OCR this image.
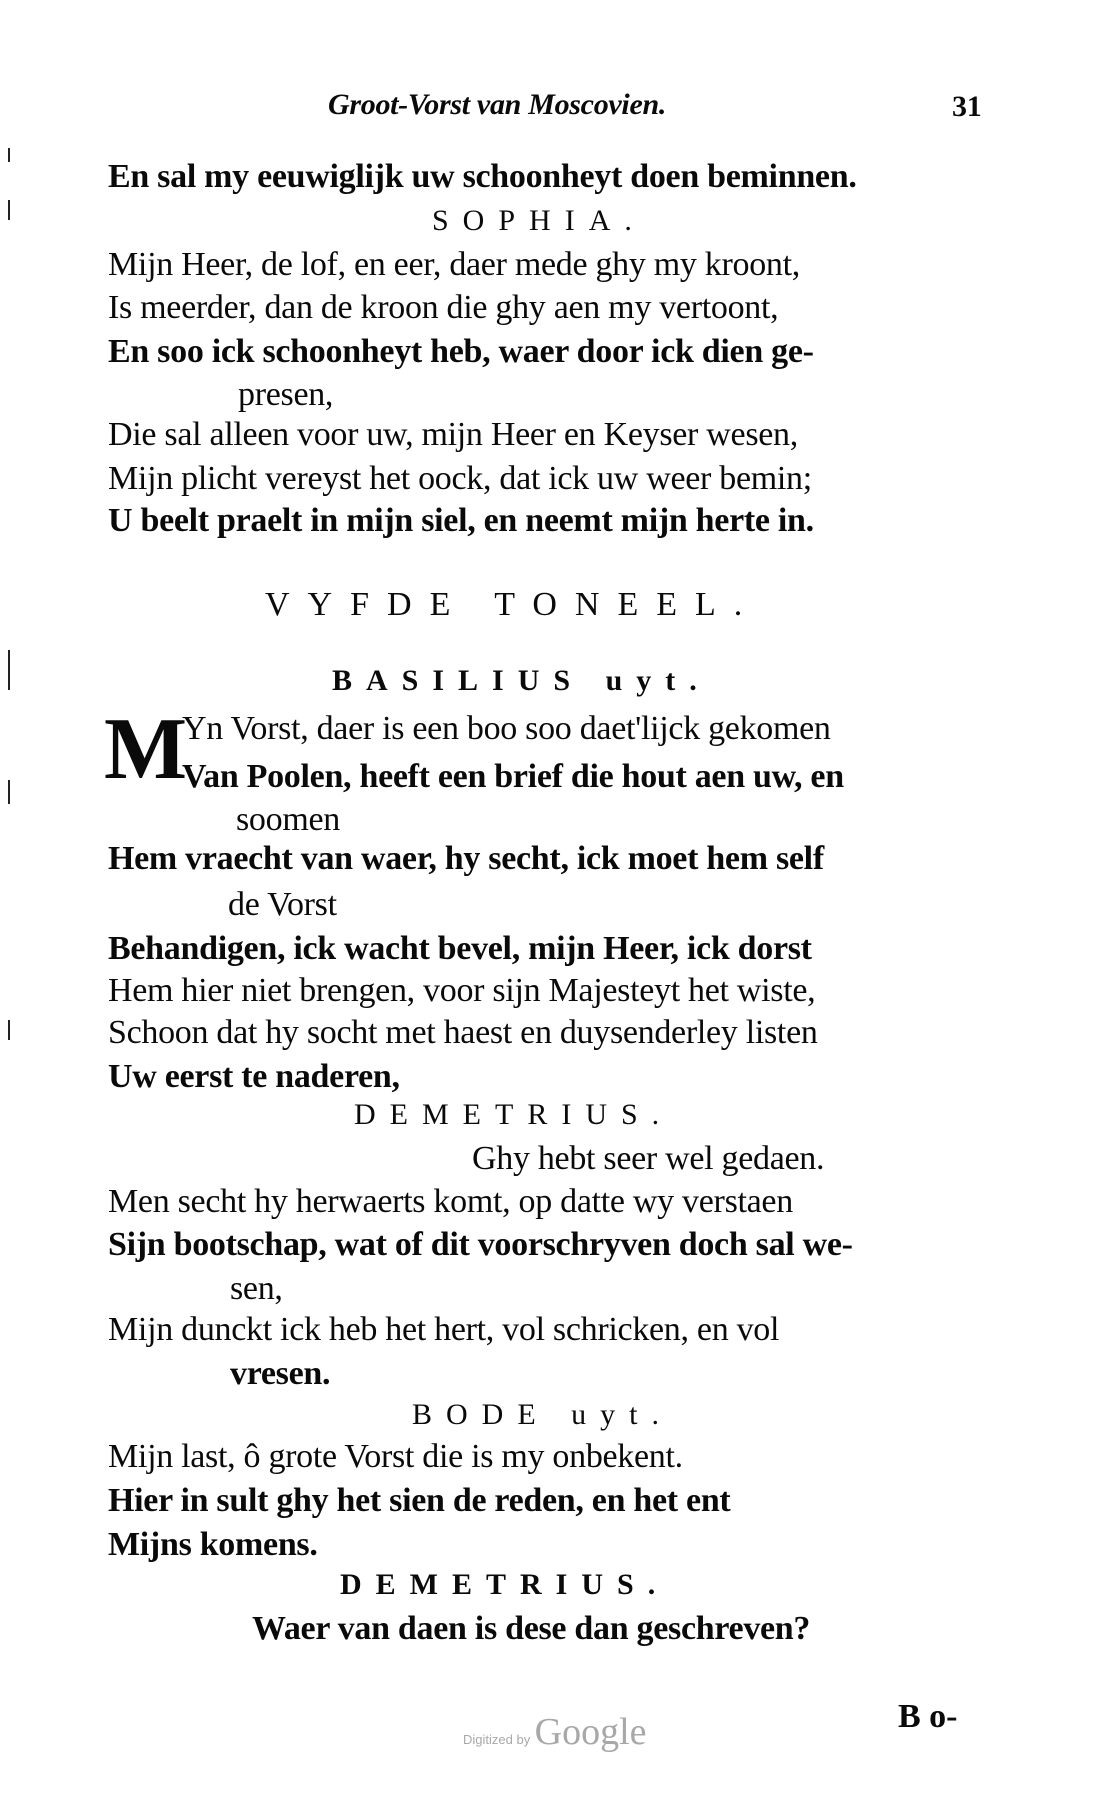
Groot-Vorst van Moscovien.	31
En sal my eeuwiglijk uw schoonheyt doen beminnen.
SOPHIA.
Mijn Heer, de lof, en eer, daer mede ghy my kroont,
Is meerder, dan de kroon die ghy aen my vertoont,
En soo ick schoonheyt heb, waer door ick dien ge-
presen,
Die sal alleen voor uw, mijn Heer en Keyser wesen,
Mijn plicht vereyst het oock, dat ick uw weer bemin;
U beelt praelt in mijn siel, en neemt mijn herte in.
VYFDE TONEEL.
BASILIUS uyt.
M
Yn Vorst, daer is een boo soo daet'lijck gekomen
Van Poolen, heeft een brief die hout aen uw, en
soomen
Hem vraecht van waer, hy secht, ick moet hem self
de Vorst
Behandigen, ick wacht bevel, mijn Heer, ick dorst
Hem hier niet brengen, voor sijn Majesteyt het wiste,
Schoon dat hy socht met haest en duysenderley listen
Uw eerst te naderen,
DEMETRIUS.
Ghy hebt seer wel gedaen.
Men secht hy herwaerts komt, op datte wy verstaen
Sijn bootschap, wat of dit voorschryven doch sal we-
sen,
Mijn dunckt ick heb het hert, vol schricken, en vol
vresen.
BODE uyt.
Mijn last, ô grote Vorst die is my onbekent.
Hier in sult ghy het sien de reden, en het ent
Mijns komens.
DEMETRIUS.
Waer van daen is dese dan geschreven?
B o-
Digitized by Google
